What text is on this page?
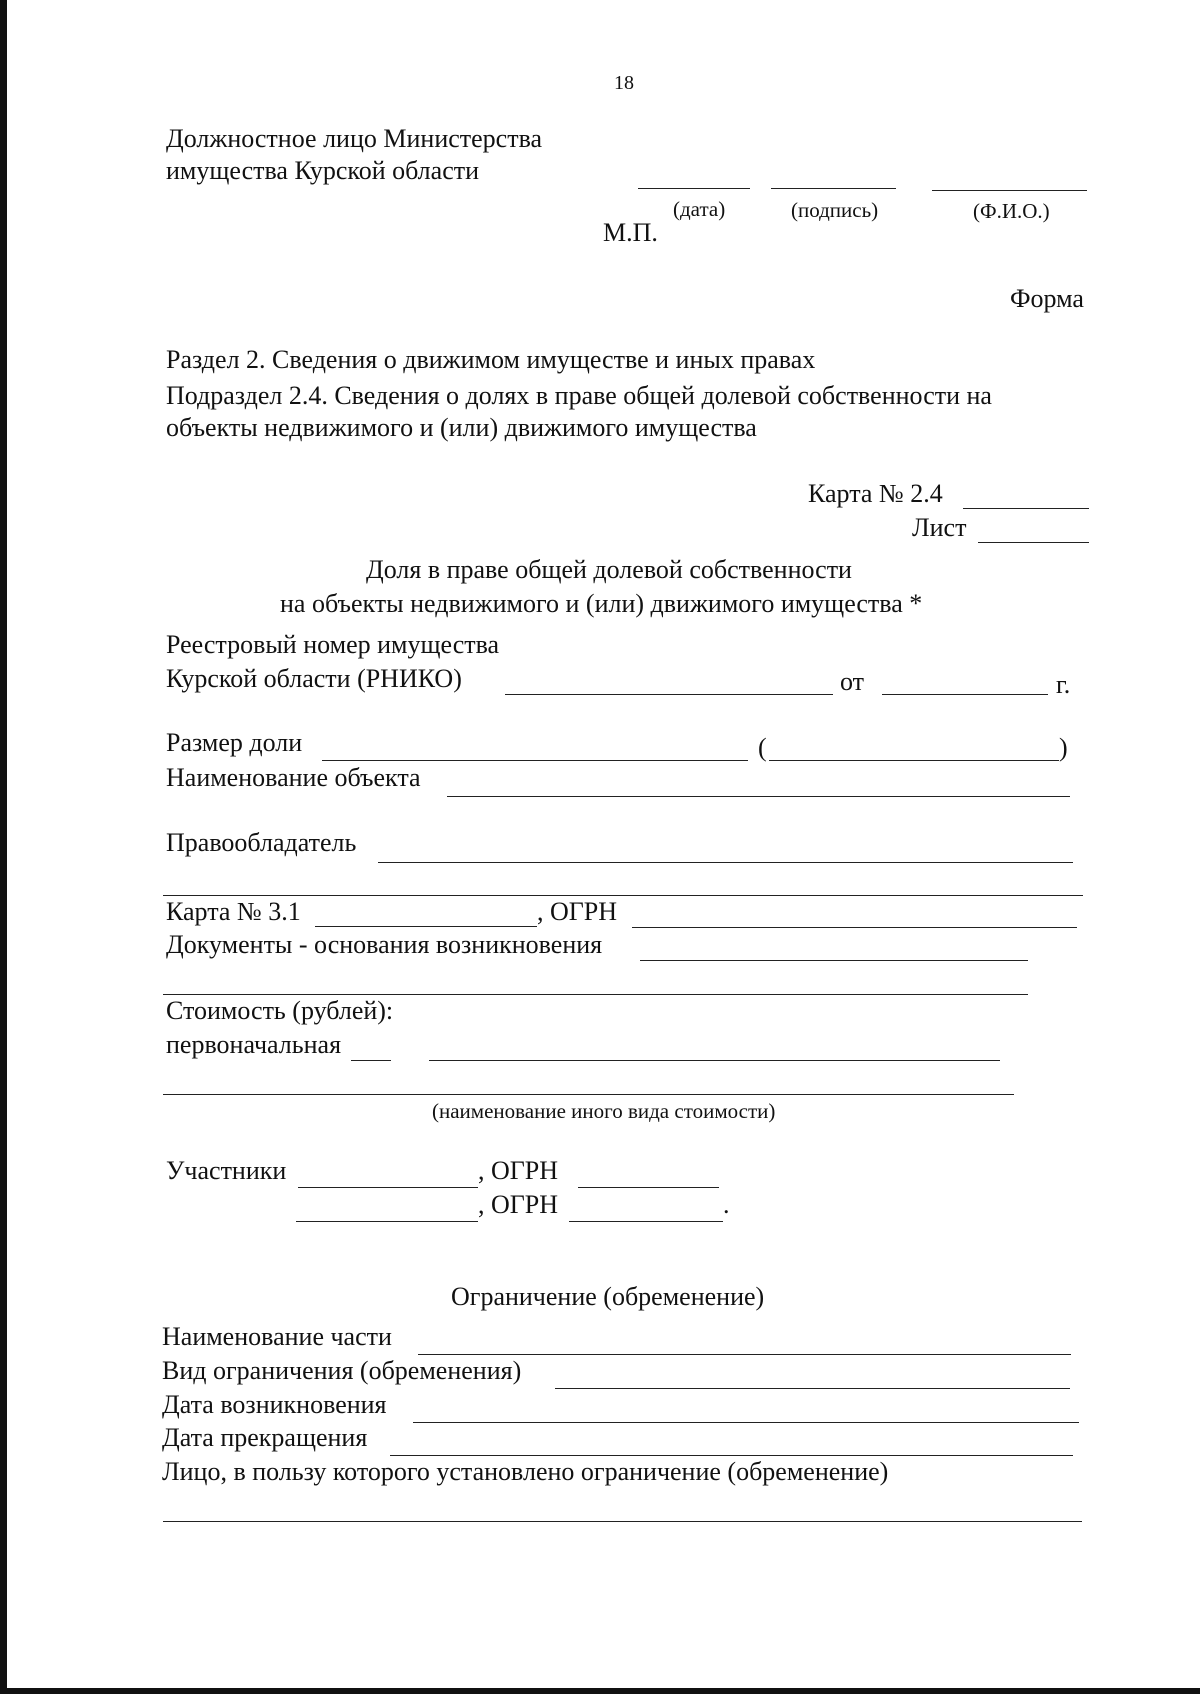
18
Должностное лицо Министерства
имущества Курской области
(дата)	(подпись)	(Ф.И.О.)
М.П.
Форма
Раздел 2. Сведения о движимом имуществе и иных правах
Подраздел 2.4. Сведения о долях в праве общей долевой собственности на
объекты недвижимого и (или) движимого имущества
Карта № 2.4
Лист
Доля в праве общей долевой собственности
на объекты недвижимого и (или) движимого имущества *
Реестровый номер имущества
Курской области (РНИКО)	от	г.
Размер доли	(	)
Наименование объекта
Правообладатель
Карта № 3.1	, ОГРН
Документы - основания возникновения
Стоимость (рублей):
первоначальная
(наименование иного вида стоимости)
Участники	, ОГРН
, ОГРН	.
Ограничение (обременение)
Наименование части
Вид ограничения (обременения)
Дата возникновения
Дата прекращения
Лицо, в пользу которого установлено ограничение (обременение)
